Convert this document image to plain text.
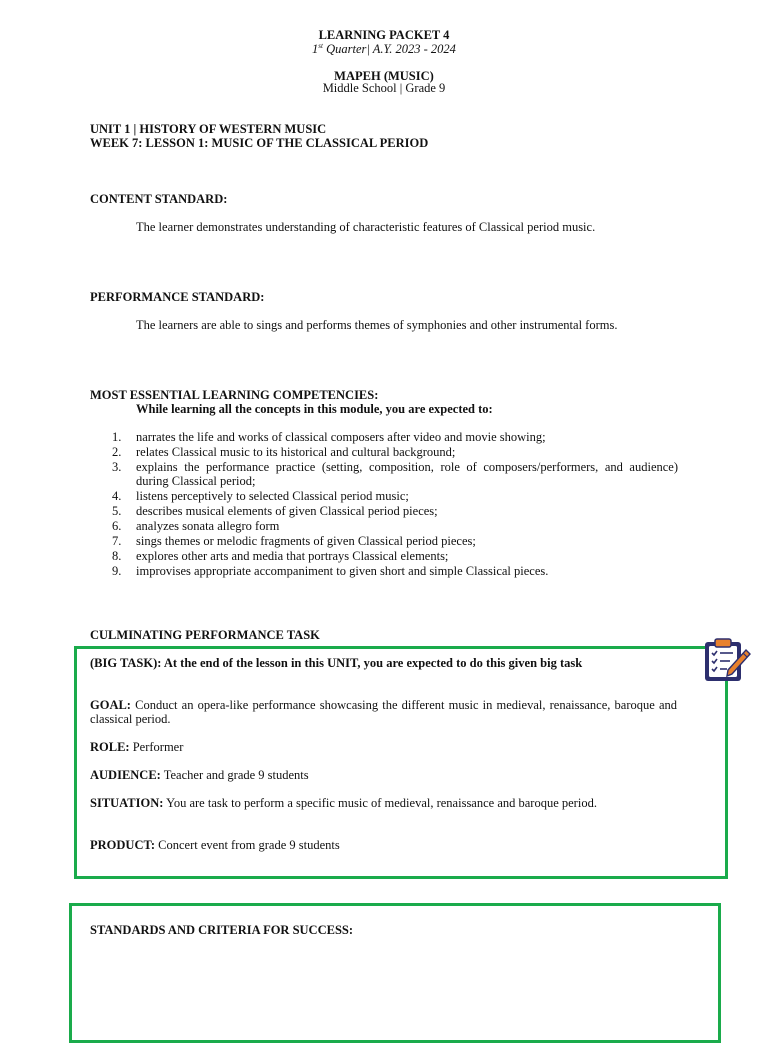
LEARNING PACKET 4
1st Quarter| A.Y. 2023 - 2024
MAPEH (MUSIC)
Middle School | Grade 9
UNIT 1 | HISTORY OF WESTERN MUSIC
WEEK 7: LESSON 1: MUSIC OF THE CLASSICAL PERIOD
CONTENT STANDARD:
The learner demonstrates understanding of characteristic features of Classical period music.
PERFORMANCE STANDARD:
The learners are able to sings and performs themes of symphonies and other instrumental forms.
MOST ESSENTIAL LEARNING COMPETENCIES:
While learning all the concepts in this module, you are expected to:
1. narrates the life and works of classical composers after video and movie showing;
2. relates Classical music to its historical and cultural background;
3. explains the performance practice (setting, composition, role of composers/performers, and audience) during Classical period;
4. listens perceptively to selected Classical period music;
5. describes musical elements of given Classical period pieces;
6. analyzes sonata allegro form
7. sings themes or melodic fragments of given Classical period pieces;
8. explores other arts and media that portrays Classical elements;
9. improvises appropriate accompaniment to given short and simple Classical pieces.
CULMINATING PERFORMANCE TASK
(BIG TASK): At the end of the lesson in this UNIT, you are expected to do this given big task
GOAL: Conduct an opera-like performance showcasing the different music in medieval, renaissance, baroque and classical period.
ROLE: Performer
AUDIENCE: Teacher and grade 9 students
SITUATION: You are task to perform a specific music of medieval, renaissance and baroque period.
PRODUCT: Concert event from grade 9 students
STANDARDS AND CRITERIA FOR SUCCESS:
